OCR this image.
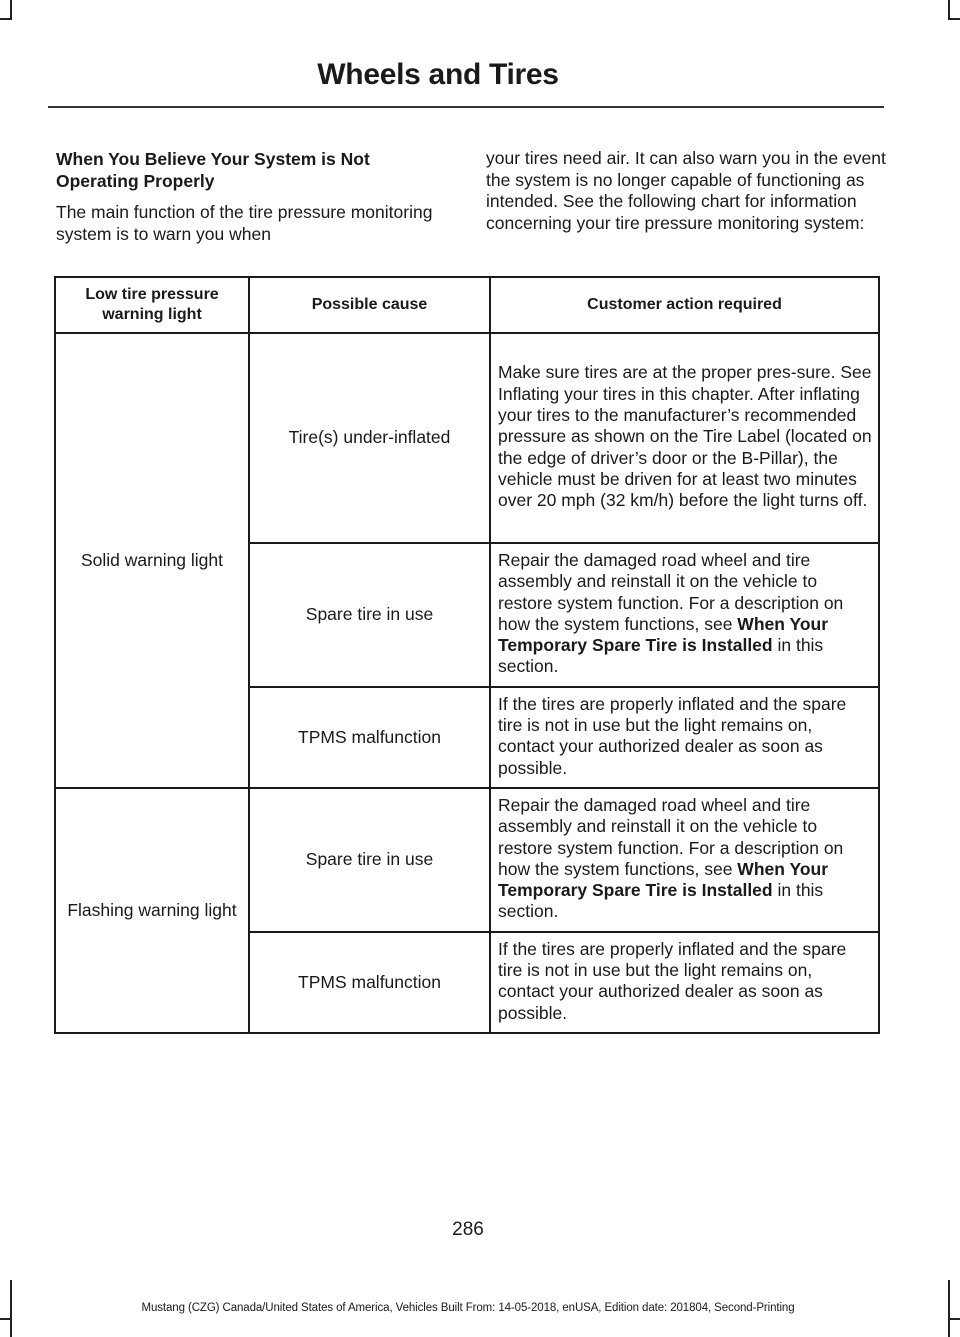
Wheels and Tires

When You Believe Your System is Not Operating Properly

The main function of the tire pressure monitoring system is to warn you when

your tires need air. It can also warn you in the event the system is no longer capable of functioning as intended. See the following chart for information concerning your tire pressure monitoring system:

Low tire pressure warning light	Possible cause	Customer action required
Solid warning light	Tire(s) under-inflated	Make sure tires are at the proper pres-sure. See Inflating your tires in this chapter. After inflating your tires to the manufacturer’s recommended pressure as shown on the Tire Label (located on the edge of driver’s door or the B-Pillar), the vehicle must be driven for at least two minutes over 20 mph (32 km/h) before the light turns off.
	Spare tire in use	Repair the damaged road wheel and tire assembly and reinstall it on the vehicle to restore system function. For a description on how the system functions, see When Your Temporary Spare Tire is Installed in this section.
	TPMS malfunction	If the tires are properly inflated and the spare tire is not in use but the light remains on, contact your authorized dealer as soon as possible.
Flashing warning light	Spare tire in use	Repair the damaged road wheel and tire assembly and reinstall it on the vehicle to restore system function. For a description on how the system functions, see When Your Temporary Spare Tire is Installed in this section.
	TPMS malfunction	If the tires are properly inflated and the spare tire is not in use but the light remains on, contact your authorized dealer as soon as possible.
286
Mustang (CZG) Canada/United States of America, Vehicles Built From: 14-05-2018, enUSA, Edition date: 201804, Second-Printing
